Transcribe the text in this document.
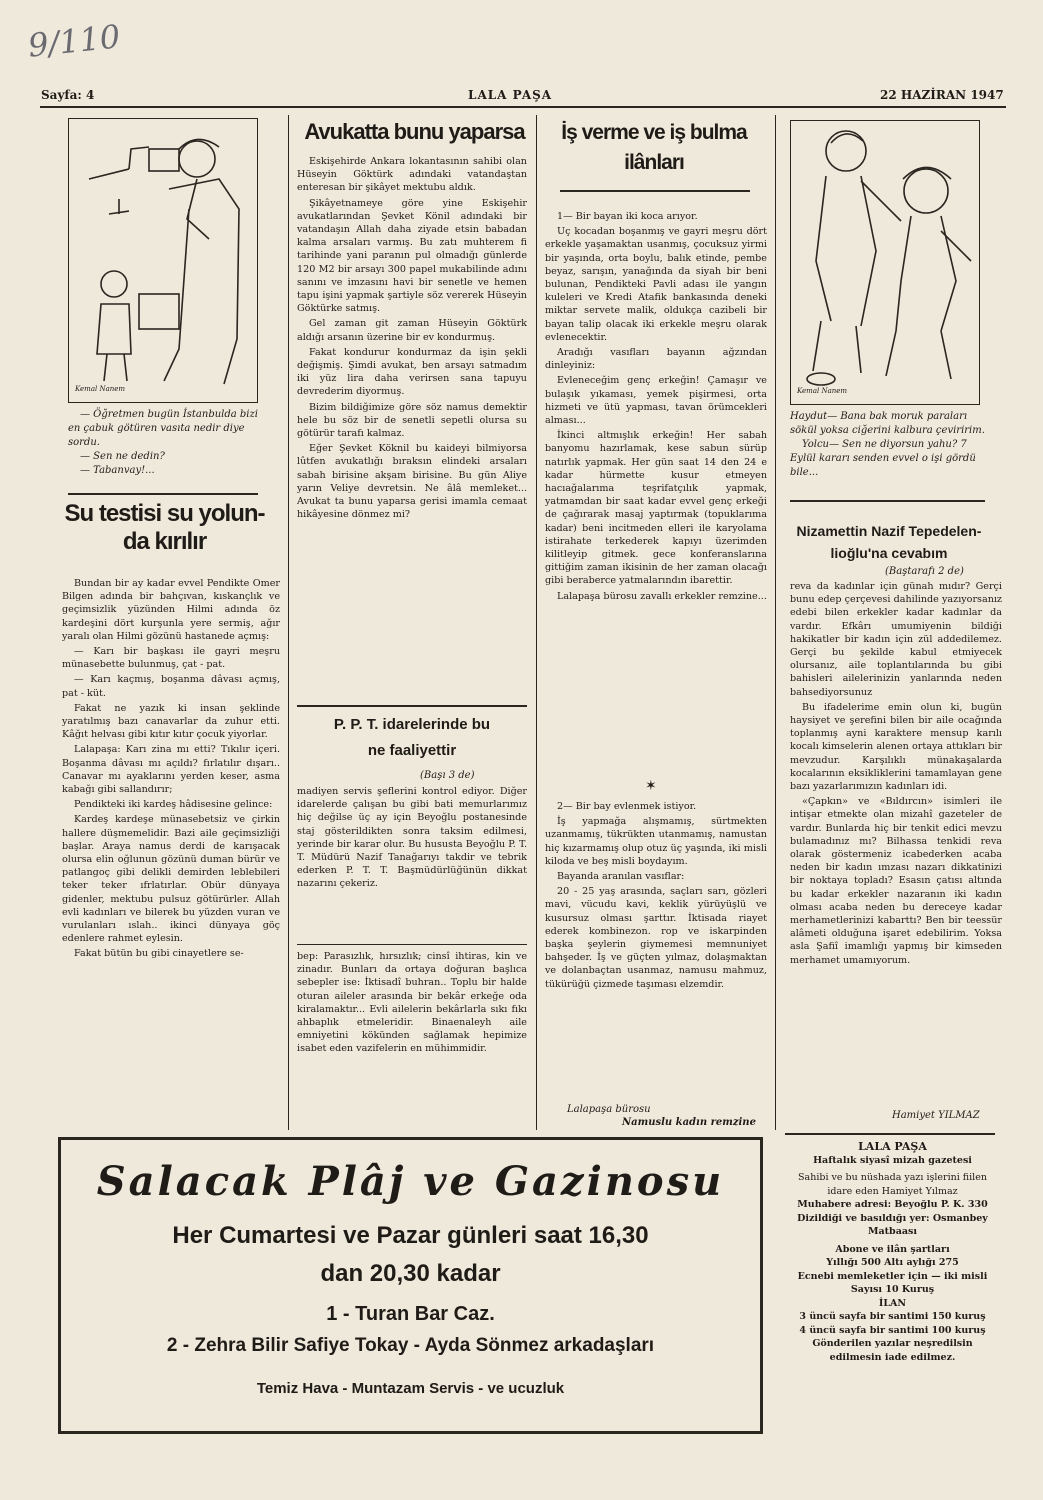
9/110
Sayfa: 4	LALA PAŞA	22 HAZİRAN 1947
Kemal Nanem
— Öğretmen bugün İstanbulda bizi en çabuk götüren vasıta nedir diye sordu.
— Sen ne dedin?
— Tabanvay!...
Su testisi su yolun-
da kırılır

Bundan bir ay kadar evvel Pendikte Omer Bilgen adında bir bahçıvan, kıskançlık ve geçimsizlik yüzünden Hilmi adında öz kardeşini dört kurşunla yere sermiş, ağır yaralı olan Hilmi gözünü hastanede açmış:

— Karı bir başkası ile gayri meşru münasebette bulunmuş, çat - pat.

— Karı kaçmış, boşanma dâvası açmış, pat - küt.

Fakat ne yazık ki insan şeklinde yaratılmış bazı canavarlar da zuhur etti. Kâğıt helvası gibi kıtır kıtır çocuk yiyorlar.

Lalapaşa: Karı zina mı etti? Tıkılır içeri. Boşanma dâvası mı açıldı? fırlatılır dışarı.. Canavar mı ayaklarını yerden keser, asma kabağı gibi sallandırır;

Pendikteki iki kardeş hâdisesine gelince:

Kardeş kardeşe münasebetsiz ve çirkin hallere düşmemelidir. Bazi aile geçimsizliği başlar. Araya namus derdi de karışacak olursa elin oğlunun gözünü duman bürür ve patlangoç gibi delikli demirden leblebileri teker teker ıfrlatırlar. Obür dünyaya gidenler, mektubu pulsuz götürürler. Allah evli kadınları ve bilerek bu yüzden vuran ve vurulanları ıslah.. ikinci dünyaya göç edenlere rahmet eylesin.

Fakat bütün bu gibi cinayetlere se-

Avukatta bunu yaparsa

Eskişehirde Ankara lokantasının sahibi olan Hüseyin Göktürk adındaki vatandaştan enteresan bir şikâyet mektubu aldık.

Şikâyetnameye göre yine Eskişehir avukatlarından Şevket Könil adındaki bir vatandaşın Allah daha ziyade etsin babadan kalma arsaları varmış. Bu zatı muhterem fi tarihinde yani paranın pul olmadığı günlerde 120 M2 bir arsayı 300 papel mukabilinde adını sanını ve imzasını havi bir senetle ve hemen tapu işini yapmak şartiyle söz vererek Hüseyin Göktürke satmış.

Gel zaman git zaman Hüseyin Göktürk aldığı arsanın üzerine bir ev kondurmuş.

Fakat kondurur kondurmaz da işin şekli değişmiş. Şimdi avukat, ben arsayı satmadım iki yüz lira daha verirsen sana tapuyu devrederim diyormuş.

Bizim bildiğimize göre söz namus demektir hele bu söz bir de senetli sepetli olursa su götürür tarafı kalmaz.

Eğer Şevket Köknil bu kaideyi bilmiyorsa lûtfen avukatlığı bıraksın elindeki arsaları sabah birisine akşam birisine. Bu gün Aliye yarın Veliye devretsin. Ne âlâ memleket... Avukat ta bunu yaparsa gerisi imamla cemaat hikâyesine dönmez mi?

P. P. T. idarelerinde bu
ne faaliyettir
(Başı 3 de)

madiyen servis şeflerini kontrol ediyor. Diğer idarelerde çalışan bu gibi bati memurlarımız hiç değilse üç ay için Beyoğlu postanesinde staj gösterildikten sonra taksim edilmesi, yerinde bir karar olur. Bu hususta Beyoğlu P. T. T. Müdürü Nazif Tanağarıyı takdir ve tebrik ederken P. T. T. Başmüdürlüğünün dikkat nazarını çekeriz.

bep: Parasızlık, hırsızlık; cinsî ihtiras, kin ve zinadır. Bunları da ortaya doğuran başlıca sebepler ise: İktisadî buhran.. Toplu bir halde oturan aileler arasında bir bekâr erkeğe oda kiralamaktır... Evli ailelerin bekârlarla sıkı fıkı ahbaplık etmeleridir. Binaenaleyh aile emniyetini kökünden sağlamak hepimize isabet eden vazifelerin en mühimmidir.

İş verme ve iş bulma
ilânları

1— Bir bayan iki koca arıyor.

Uç kocadan boşanmış ve gayri meşru dört erkekle yaşamaktan usanmış, çocuksuz yirmi bir yaşında, orta boylu, balık etinde, pembe beyaz, sarışın, yanağında da siyah bir beni bulunan, Pendikteki Pavli adası ile yangın kuleleri ve Kredi Atafik bankasında deneki miktar servete malik, oldukça cazibeli bir bayan talip olacak iki erkekle meşru olarak evlenecektir.

Aradığı vasıfları bayanın ağzından dinleyiniz:

Evleneceğim genç erkeğin! Çamaşır ve bulaşık yıkaması, yemek pişirmesi, orta hizmeti ve ütü yapması, tavan örümcekleri alması...

İkinci altmışlık erkeğin! Her sabah banyomu hazırlamak, kese sabun sürüp natırlık yapmak. Her gün saat 14 den 24 e kadar hürmette kusur etmeyen hacıağalarıma teşrifatçılık yapmak, yatmamdan bir saat kadar evvel genç erkeği de çağırarak masaj yaptırmak (topuklarıma kadar) beni incitmeden elleri ile karyolama istirahate terkederek kapıyı üzerimden kilitleyip gitmek. gece konferanslarına gittiğim zaman ikisinin de her zaman olacağı gibi beraberce yatmalarındın ibarettir.

Lalapaşa bürosu zavallı erkekler remzine...

✶

2— Bir bay evlenmek istiyor.

İş yapmağa alışmamış, sürtmekten uzanmamış, tükrükten utanmamış, namustan hiç kızarmamış olup otuz üç yaşında, iki misli kiloda ve beş misli boydayım.

Bayanda aranılan vasıflar:

20 - 25 yaş arasında, saçları sarı, gözleri mavi, vücudu kavi, keklik yürüyüşlü ve kusursuz olması şarttır. İktisada riayet ederek kombinezon. rop ve iskarpinden başka şeylerin giymemesi memnuniyet bahşeder. İş ve güçten yılmaz, dolaşmaktan ve dolanbaçtan usanmaz, namusu mahmuz, tükürüğü çizmede taşıması elzemdir.

Lalapaşa bürosu
Namuslu kadın remzine
Kemal Nanem
Haydut— Bana bak moruk paraları sökül yoksa ciğerini kalbura çeviririm.
Yolcu— Sen ne diyorsun yahu? 7 Eylül kararı senden evvel o işi gördü bile...
Nizamettin Nazif Tepedelen-
lioğlu'na cevabım
(Baştarafı 2 de)

reva da kadınlar için günah mıdır? Gerçi bunu edep çerçevesi dahilinde yazıyorsanız edebi bilen erkekler kadar kadınlar da vardır. Efkârı umumiyenin bildiği hakikatler bir kadın için zül addedilemez. Gerçi bu şekilde kabul etmiyecek olursanız, aile toplantılarında bu gibi bahisleri ailelerinizin yanlarında neden bahsediyorsunuz

Bu ifadelerime emin olun ki, bugün haysiyet ve şerefini bilen bir aile ocağında toplanmış ayni karaktere mensup karılı kocalı kimselerin alenen ortaya attıkları bir mevzudur. Karşılıklı münakaşalarda kocalarının eksikliklerini tamamlayan gene bazı yazarlarımızın kadınları idi.

«Çapkın» ve «Bıldırcın» isimleri ile intişar etmekte olan mizahî gazeteler de vardır. Bunlarda hiç bir tenkit edici mevzu bulamadınız mı? Bilhassa tenkidi reva olarak göstermeniz icabederken acaba neden bir kadın ımzası nazarı dikkatinizi bir noktaya topladı? Esasın çatısı altında bu kadar erkekler nazaranın iki kadın olması acaba neden bu dereceye kadar merhametlerinizi kabarttı? Ben bir teessür alâmeti olduğuna işaret edebilirim. Yoksa asla Şafiî imamlığı yapmış bir kimseden merhamet umamıyorum.

Hamiyet YILMAZ
Salacak Plâj ve Gazinosu
Her Cumartesi ve Pazar günleri saat 16,30
dan 20,30 kadar
1 - Turan Bar Caz.
2 - Zehra Bilir Safiye Tokay - Ayda Sönmez arkadaşları
Temiz Hava - Muntazam Servis - ve ucuzluk
LALA PAŞA
Haftalık siyasî mizah gazetesi
Sahibi ve bu nüshada yazı işlerini fiilen idare eden Hamiyet Yılmaz
Muhabere adresi: Beyoğlu P. K. 330
Dizildiği ve basıldığı yer: Osmanbey Matbaası
Abone ve ilân şartları
Yıllığı 500 Altı aylığı 275
Ecnebi memleketler için — iki misli
Sayısı 10 Kuruş
İLAN
3 üncü sayfa bir santimi 150 kuruş
4 üncü sayfa bir santimi 100 kuruş
Gönderilen yazılar neşredilsin edilmesin iade edilmez.
